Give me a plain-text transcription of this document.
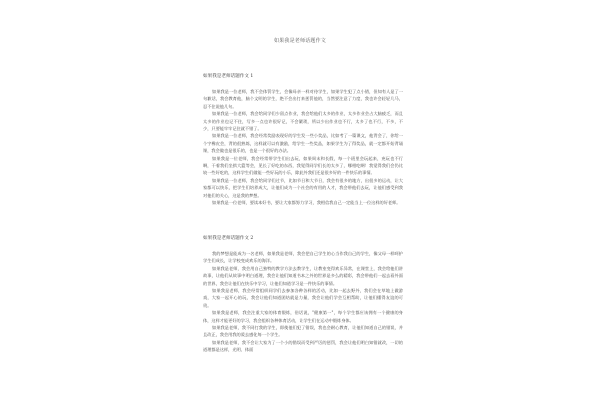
如果我是老师话题作文
如果我是老师话题作文 1

如果我是一位老师，我不会体罚学生，会像母亲一样对待学生，如果学生犯了点小错，但知有人是了一句歉话，我会教育他，脑个文明的学生，绝不会出打来惩罚他的，当然要注意了力度，我也许会轻轻几马，忍不住说他几句。

如果我是一位老师，我会给同学们少留点作业，我会给他们太多的作业，太多作业会占大脑疲乏，而且太多的作业也记不住，写多一点也许很好记，不会繁琐，所以少出作业也不行，太多了也不行，不多，不少，只要能牢牢记住就不错了。

如果我是一位老师，我会经常奖励表现好的学生发一些小奖品，比如考了一篇课文，他背会了，你给一个字橡皮会，背的很熟练，这样就可以有激励，给学生一些奖品，如果学生为了得奖品，就一定都开始背诵课，我会做也是很乐的，也是一个很好的办法。

如果我是一位老师，我会经常带学生们出去玩，如果周末和长假，每一个班里会玩起来，充玩也不行啊，干着我们坐拱大篮等会，见长了好吃的东西，我觉得同学们长的太多了，哪相吃啊！我觉得我们会仍比较一些好吃的，这样学生们做能一些好玩的小乐，除此外我们还是很多好的一件快乐的事情。

如果我是一位老师，我会给同学们过节，比如节日和大节日，我会有很多的地方，出很多的运动，让大家都可以快乐，把学生们培养成大，让他们成为一个社会的有用的人才，我会带他们去玩，让他们感受到我对他们的关心，这是我的梦想。

如果我是一位老师，要读本好书，要让大家都努力学习，我相信我自己一定能当上一位这样的好老师。

如果我是老师话题作文 2

我的梦想是能成为一名老师，如果我是老师，我会把自己学生的心当作我自己的学生，像父母一样呵护学生们成长，让学校变成欢乐的海洋。

如果我是老师，我会用自己独特的教学方法去教学生，让教室变得欢乐异常，在课堂上，我会给他们讲故事，让他们从故事中明白道理，我会让他们知道书本之外的世界是多么的精彩，我会带他们一起去看外面的世界，我会让他们在快乐中学习，让他们知道学习是一件快乐的事情。

如果我是老师，我会经常组织同学们去参加各种各样的活动，比如一起去野外，我们会在草地上做游戏，大家一起开心的玩，我会让他们知道团结就是力量，我会让他们学会互相帮助，让他们懂得友谊的可贵。

如果我是老师，我会注重大家的体育锻炼，俗话说，"健康第一"，每个学生都应该拥有一个健康的身体，这样才能更好的学习，我会组织各种体育活动，让学生们在运动中锻炼身体。

如果我是老师，我不同打我的学生，即使他们犯了错误，我也会耐心教育，让他们知道自己的错误，并且改正，我会用我的爱去感化每一个学生。

如果我是老师，我不会让大家为了一个小的错误而受到严厉的惩罚，我会让他们明白知错就改，一切的道理都是这样，光明、体面
